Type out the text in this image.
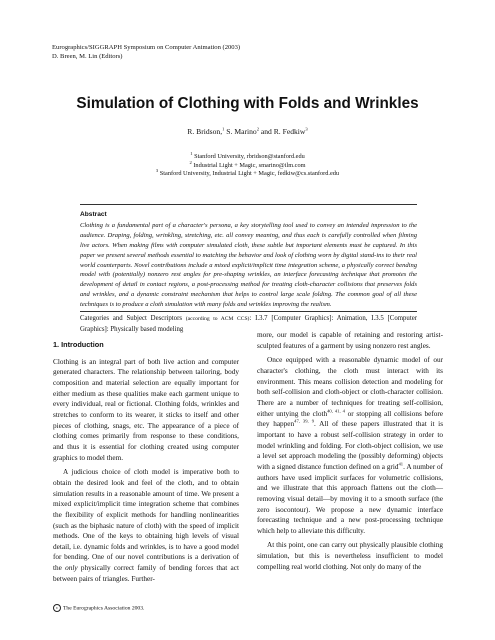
Eurographics/SIGGRAPH Symposium on Computer Animation (2003)
D. Breen, M. Lin (Editors)
Simulation of Clothing with Folds and Wrinkles
R. Bridson,$^1$ S. Marino$^2$ and R. Fedkiw$^3$
$^1$ Stanford University, rbridson@stanford.edu
$^2$ Industrial Light + Magic, smarino@ilm.com
$^3$ Stanford University, Industrial Light + Magic, fedkiw@cs.stanford.edu
Abstract
Clothing is a fundamental part of a character's persona, a key storytelling tool used to convey an intended impression to the audience. Draping, folding, wrinkling, stretching, etc. all convey meaning, and thus each is carefully controlled when filming live actors. When making films with computer simulated cloth, these subtle but important elements must be captured. In this paper we present several methods essential to matching the behavior and look of clothing worn by digital stand-ins to their real world counterparts. Novel contributions include a mixed explicit/implicit time integration scheme, a physically correct bending model with (potentially) nonzero rest angles for pre-shaping wrinkles, an interface forecasting technique that promotes the development of detail in contact regions, a post-processing method for treating cloth-character collisions that preserves folds and wrinkles, and a dynamic constraint mechanism that helps to control large scale folding. The common goal of all these techniques is to produce a cloth simulation with many folds and wrinkles improving the realism.
Categories and Subject Descriptors (according to ACM CCS): I.3.7 [Computer Graphics]: Animation, I.3.5 [Computer Graphics]: Physically based modeling
1. Introduction

Clothing is an integral part of both live action and computer generated characters. The relationship between tailoring, body composition and material selection are equally important for either medium as these qualities make each garment unique to every individual, real or fictional. Clothing folds, wrinkles and stretches to conform to its wearer, it sticks to itself and other pieces of clothing, snags, etc. The appearance of a piece of clothing comes primarily from response to these conditions, and thus it is essential for clothing created using computer graphics to model them.

A judicious choice of cloth model is imperative both to obtain the desired look and feel of the cloth, and to obtain simulation results in a reasonable amount of time. We present a mixed explicit/implicit time integration scheme that combines the flexibility of explicit methods for handling nonlinearities (such as the biphasic nature of cloth) with the speed of implicit methods. One of the keys to obtaining high levels of visual detail, i.e. dynamic folds and wrinkles, is to have a good model for bending. One of our novel contributions is a derivation of the only physically correct family of bending forces that act between pairs of triangles. Further-

more, our model is capable of retaining and restoring artist-sculpted features of a garment by using nonzero rest angles.

Once equipped with a reasonable dynamic model of our character's clothing, the cloth must interact with its environment. This means collision detection and modeling for both self-collision and cloth-object or cloth-character collision. There are a number of techniques for treating self-collision, either untying the cloth$^{40, 41, 4}$ or stopping all collisions before they happen$^{47, 39, 9}$. All of these papers illustrated that it is important to have a robust self-collision strategy in order to model wrinkling and folding. For cloth-object collision, we use a level set approach modeling the (possibly deforming) objects with a signed distance function defined on a grid$^{41}$. A number of authors have used implicit surfaces for volumetric collisions, and we illustrate that this approach flattens out the cloth—removing visual detail—by moving it to a smooth surface (the zero isocontour). We propose a new dynamic interface forecasting technique and a new post-processing technique which help to alleviate this difficulty.

At this point, one can carry out physically plausible clothing simulation, but this is nevertheless insufficient to model compelling real world clothing. Not only do many of the

c The Eurographics Association 2003.
